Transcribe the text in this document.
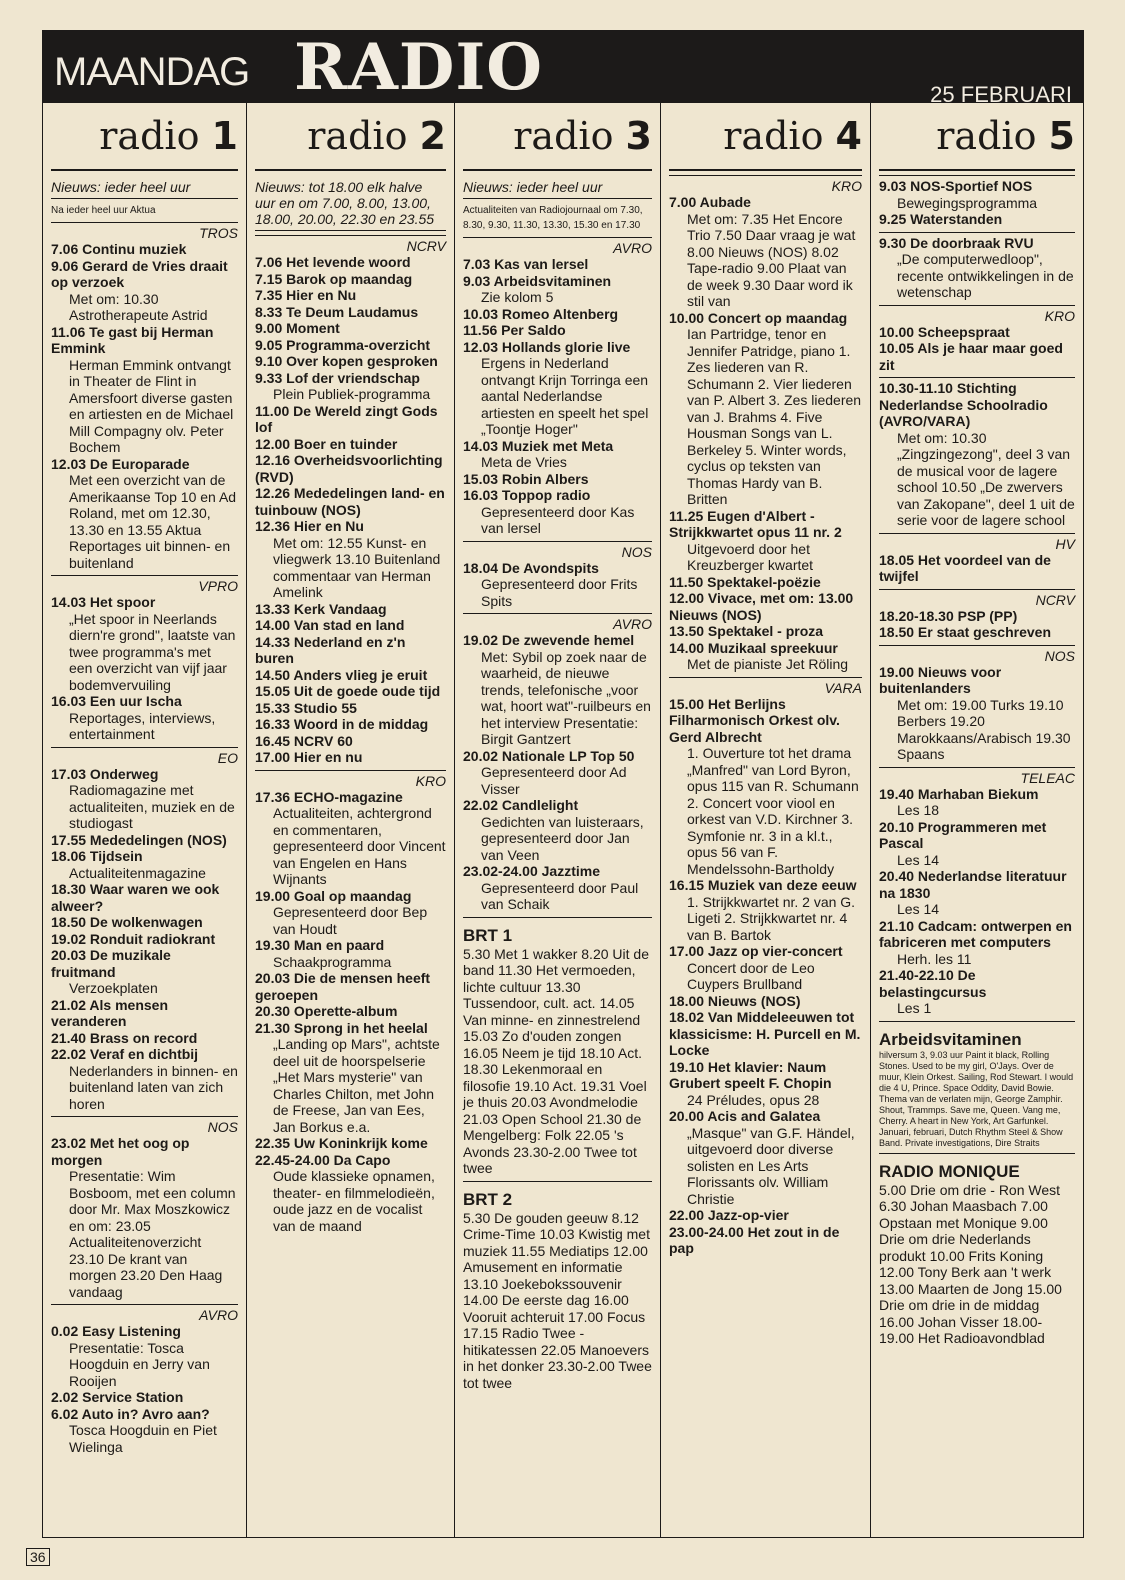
MAANDAG RADIO	25 FEBRUARI
radio 1
Nieuws: ieder heel uur
Na ieder heel uur Aktua
TROS
7.06 Continu muziek
9.06 Gerard de Vries draait op verzoek
Met om: 10.30 Astrotherapeute Astrid
11.06 Te gast bij Herman Emmink
Herman Emmink ontvangt in Theater de Flint in Amersfoort diverse gasten en artiesten en de Michael Mill Compagny olv. Peter Bochem
12.03 De Europarade
Met een overzicht van de Amerikaanse Top 10 en Ad Roland, met om 12.30, 13.30 en 13.55 Aktua Reportages uit binnen- en buitenland
VPRO
14.03 Het spoor
„Het spoor in Neerlands diern're grond", laatste van twee programma's met een overzicht van vijf jaar bodemvervuiling
16.03 Een uur Ischa
Reportages, interviews, entertainment
EO
17.03 Onderweg
Radiomagazine met actualiteiten, muziek en de studiogast
17.55 Mededelingen (NOS)
18.06 Tijdsein
Actualiteitenmagazine
18.30 Waar waren we ook alweer?
18.50 De wolkenwagen
19.02 Ronduit radiokrant
20.03 De muzikale fruitmand
Verzoekplaten
21.02 Als mensen veranderen
21.40 Brass on record
22.02 Veraf en dichtbij
Nederlanders in binnen- en buitenland laten van zich horen
NOS
23.02 Met het oog op morgen
Presentatie: Wim Bosboom, met een column door Mr. Max Moszkowicz en om: 23.05 Actualiteitenoverzicht 23.10 De krant van morgen 23.20 Den Haag vandaag
AVRO
0.02 Easy Listening
Presentatie: Tosca Hoogduin en Jerry van Rooijen
2.02 Service Station
6.02 Auto in? Avro aan?
Tosca Hoogduin en Piet Wielinga
radio 2
Nieuws: tot 18.00 elk halve uur en om 7.00, 8.00, 13.00, 18.00, 20.00, 22.30 en 23.55
NCRV
7.06 Het levende woord
7.15 Barok op maandag
7.35 Hier en Nu
8.33 Te Deum Laudamus
9.00 Moment
9.05 Programma-overzicht
9.10 Over kopen gesproken
9.33 Lof der vriendschap
Plein Publiek-programma
11.00 De Wereld zingt Gods lof
12.00 Boer en tuinder
12.16 Overheidsvoorlichting (RVD)
12.26 Mededelingen land- en tuinbouw (NOS)
12.36 Hier en Nu
Met om: 12.55 Kunst- en vliegwerk 13.10 Buitenland commentaar van Herman Amelink
13.33 Kerk Vandaag
14.00 Van stad en land
14.33 Nederland en z'n buren
14.50 Anders vlieg je eruit
15.05 Uit de goede oude tijd
15.33 Studio 55
16.33 Woord in de middag
16.45 NCRV 60
17.00 Hier en nu
KRO
17.36 ECHO-magazine
Actualiteiten, achtergrond en commentaren, gepresenteerd door Vincent van Engelen en Hans Wijnants
19.00 Goal op maandag
Gepresenteerd door Bep van Houdt
19.30 Man en paard
Schaakprogramma
20.03 Die de mensen heeft geroepen
20.30 Operette-album
21.30 Sprong in het heelal
„Landing op Mars", achtste deel uit de hoorspelserie „Het Mars mysterie" van Charles Chilton, met John de Freese, Jan van Ees, Jan Borkus e.a.
22.35 Uw Koninkrijk kome
22.45-24.00 Da Capo
Oude klassieke opnamen, theater- en filmmelodieën, oude jazz en de vocalist van de maand
radio 3
Nieuws: ieder heel uur
Actualiteiten van Radiojournaal om 7.30, 8.30, 9.30, 11.30, 13.30, 15.30 en 17.30
AVRO
7.03 Kas van lersel
9.03 Arbeidsvitaminen
Zie kolom 5
10.03 Romeo Altenberg
11.56 Per Saldo
12.03 Hollands glorie live
Ergens in Nederland ontvangt Krijn Torringa een aantal Nederlandse artiesten en speelt het spel „Toontje Hoger"
14.03 Muziek met Meta
Meta de Vries
15.03 Robin Albers
16.03 Toppop radio
Gepresenteerd door Kas van lersel
NOS
18.04 De Avondspits
Gepresenteerd door Frits Spits
AVRO
19.02 De zwevende hemel
Met: Sybil op zoek naar de waarheid, de nieuwe trends, telefonische „voor wat, hoort wat"-ruilbeurs en het interview Presentatie: Birgit Gantzert
20.02 Nationale LP Top 50
Gepresenteerd door Ad Visser
22.02 Candlelight
Gedichten van luisteraars, gepresenteerd door Jan van Veen
23.02-24.00 Jazztime
Gepresenteerd door Paul van Schaik
BRT 1
5.30 Met 1 wakker 8.20 Uit de band 11.30 Het vermoeden, lichte cultuur 13.30 Tussendoor, cult. act. 14.05 Van minne- en zinnestrelend 15.03 Zo d'ouden zongen 16.05 Neem je tijd 18.10 Act. 18.30 Lekenmoraal en filosofie 19.10 Act. 19.31 Voel je thuis 20.03 Avondmelodie 21.03 Open School 21.30 de Mengelberg: Folk 22.05 's Avonds 23.30-2.00 Twee tot twee
BRT 2
5.30 De gouden geeuw 8.12 Crime-Time 10.03 Kwistig met muziek 11.55 Mediatips 12.00 Amusement en informatie 13.10 Joekebokssouvenir 14.00 De eerste dag 16.00 Vooruit achteruit 17.00 Focus 17.15 Radio Twee - hitikatessen 22.05 Manoevers in het donker 23.30-2.00 Twee tot twee
radio 4
KRO
7.00 Aubade
Met om: 7.35 Het Encore Trio 7.50 Daar vraag je wat 8.00 Nieuws (NOS) 8.02 Tape-radio 9.00 Plaat van de week 9.30 Daar word ik stil van
10.00 Concert op maandag
Ian Partridge, tenor en Jennifer Patridge, piano 1. Zes liederen van R. Schumann 2. Vier liederen van P. Albert 3. Zes liederen van J. Brahms 4. Five Housman Songs van L. Berkeley 5. Winter words, cyclus op teksten van Thomas Hardy van B. Britten
11.25 Eugen d'Albert - Strijkkwartet opus 11 nr. 2
Uitgevoerd door het Kreuzberger kwartet
11.50 Spektakel-poëzie
12.00 Vivace, met om: 13.00 Nieuws (NOS)
13.50 Spektakel - proza
14.00 Muzikaal spreekuur
Met de pianiste Jet Röling
VARA
15.00 Het Berlijns Filharmonisch Orkest olv. Gerd Albrecht
1. Ouverture tot het drama „Manfred" van Lord Byron, opus 115 van R. Schumann 2. Concert voor viool en orkest van V.D. Kirchner 3. Symfonie nr. 3 in a kl.t., opus 56 van F. Mendelssohn-Bartholdy
16.15 Muziek van deze eeuw
1. Strijkkwartet nr. 2 van G. Ligeti 2. Strijkkwartet nr. 4 van B. Bartok
17.00 Jazz op vier-concert
Concert door de Leo Cuypers Brullband
18.00 Nieuws (NOS)
18.02 Van Middeleeuwen tot klassicisme: H. Purcell en M. Locke
19.10 Het klavier: Naum Grubert speelt F. Chopin
24 Préludes, opus 28
20.00 Acis and Galatea
„Masque" van G.F. Händel, uitgevoerd door diverse solisten en Les Arts Florissants olv. William Christie
22.00 Jazz-op-vier
23.00-24.00 Het zout in de pap
radio 5
9.03 NOS-Sportief NOS
Bewegingsprogramma
9.25 Waterstanden
9.30 De doorbraak RVU
„De computerwedloop", recente ontwikkelingen in de wetenschap
KRO
10.00 Scheepspraat
10.05 Als je haar maar goed zit
10.30-11.10 Stichting Nederlandse Schoolradio (AVRO/VARA)
Met om: 10.30 „Zingzingezong", deel 3 van de musical voor de lagere school 10.50 „De zwervers van Zakopane", deel 1 uit de serie voor de lagere school
HV
18.05 Het voordeel van de twijfel
NCRV
18.20-18.30 PSP (PP)
18.50 Er staat geschreven
NOS
19.00 Nieuws voor buitenlanders
Met om: 19.00 Turks 19.10 Berbers 19.20 Marokkaans/Arabisch 19.30 Spaans
TELEAC
19.40 Marhaban Biekum
Les 18
20.10 Programmeren met Pascal
Les 14
20.40 Nederlandse literatuur na 1830
Les 14
21.10 Cadcam: ontwerpen en fabriceren met computers
Herh. les 11
21.40-22.10 De belastingcursus
Les 1
Arbeidsvitaminen
hilversum 3, 9.03 uur Paint it black, Rolling Stones. Used to be my girl, O'Jays. Over de muur, Klein Orkest. Sailing, Rod Stewart. I would die 4 U, Prince. Space Oddity, David Bowie. Thema van de verlaten mijn, George Zamphir. Shout, Trammps. Save me, Queen. Vang me, Cherry. A heart in New York, Art Garfunkel. Januari, februari, Dutch Rhythm Steel & Show Band. Private investigations, Dire Straits
RADIO MONIQUE
5.00 Drie om drie - Ron West 6.30 Johan Maasbach 7.00 Opstaan met Monique 9.00 Drie om drie Nederlands produkt 10.00 Frits Koning 12.00 Tony Berk aan 't werk 13.00 Maarten de Jong 15.00 Drie om drie in de middag 16.00 Johan Visser 18.00-19.00 Het Radioavondblad
36
